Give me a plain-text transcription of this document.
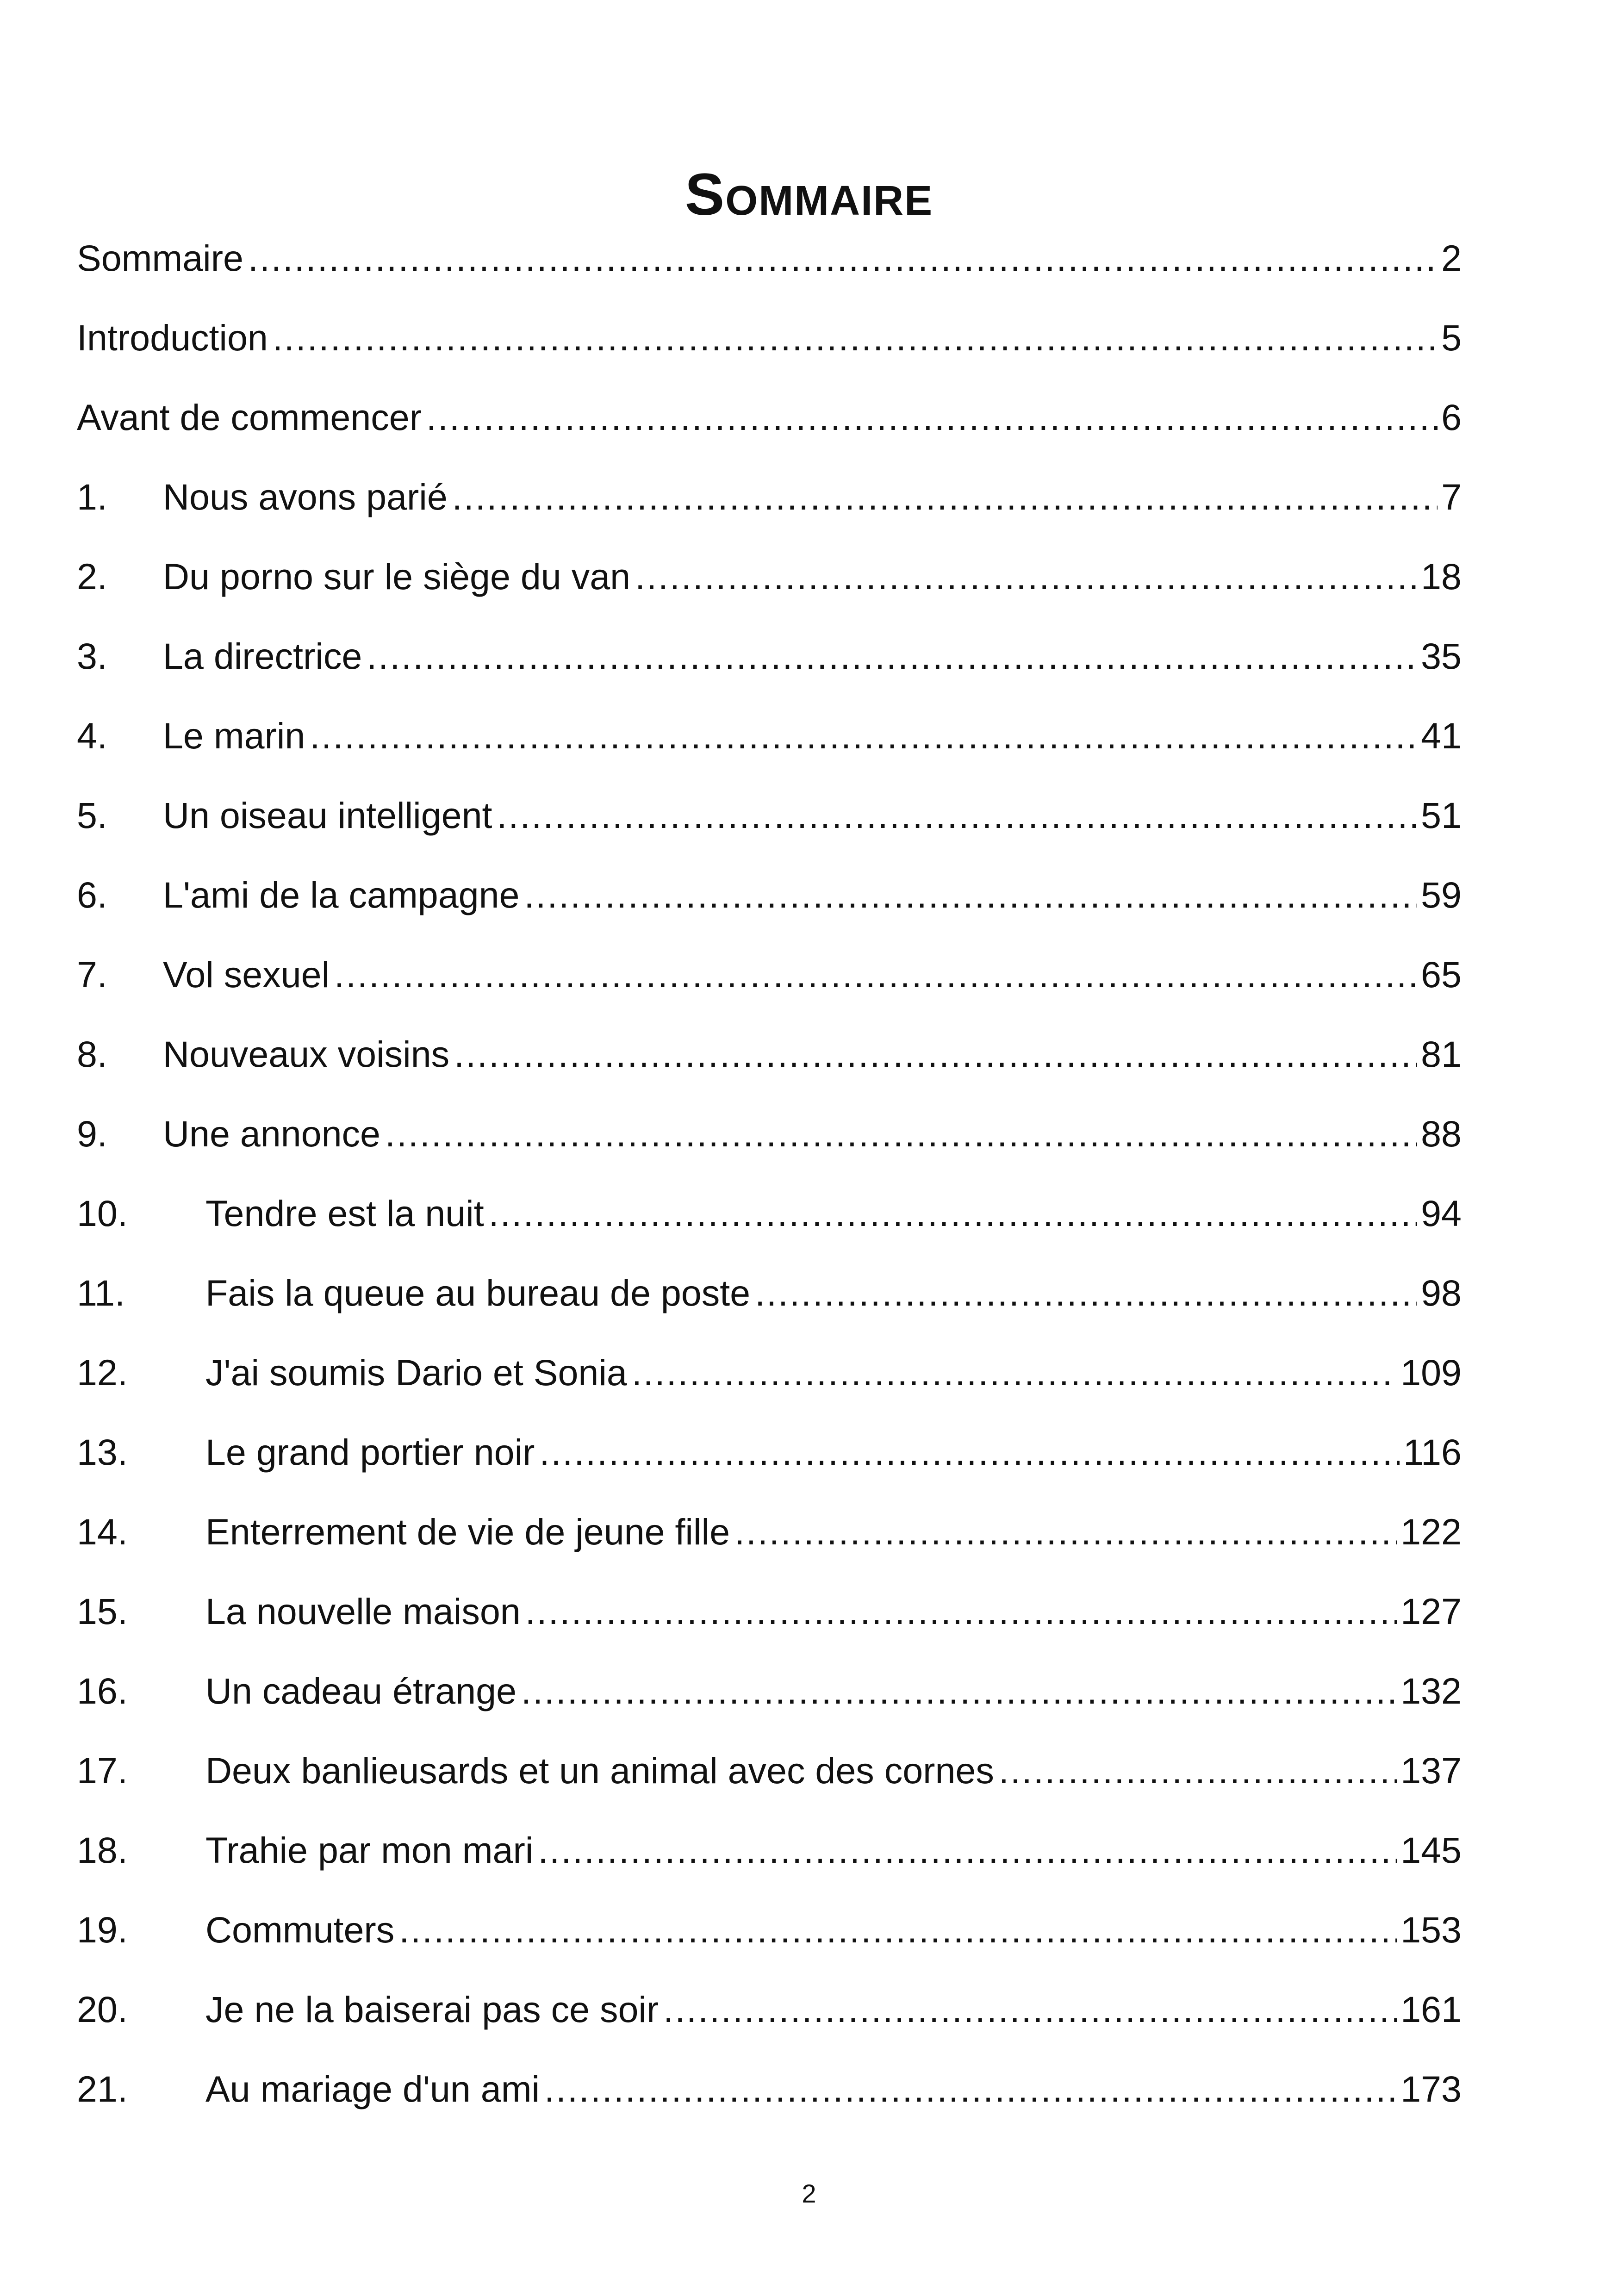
Sommaire
Sommaire .....	2
Introduction .....	5
Avant de commencer .....	6
1.	Nous avons parié .....	7
2.	Du porno sur le siège du van .....	18
3.	La directrice .....	35
4.	Le marin .....	41
5.	Un oiseau intelligent .....	51
6.	L'ami de la campagne .....	59
7.	Vol sexuel .....	65
8.	Nouveaux voisins .....	81
9.	Une annonce .....	88
10.	Tendre est la nuit .....	94
11.	Fais la queue au bureau de poste .....	98
12.	J'ai soumis Dario et Sonia .....	109
13.	Le grand portier noir .....	116
14.	Enterrement de vie de jeune fille .....	122
15.	La nouvelle maison .....	127
16.	Un cadeau étrange .....	132
17.	Deux banlieusards et un animal avec des cornes .....	137
18.	Trahie par mon mari .....	145
19.	Commuters .....	153
20.	Je ne la baiserai pas ce soir .....	161
21.	Au mariage d'un ami .....	173
2
